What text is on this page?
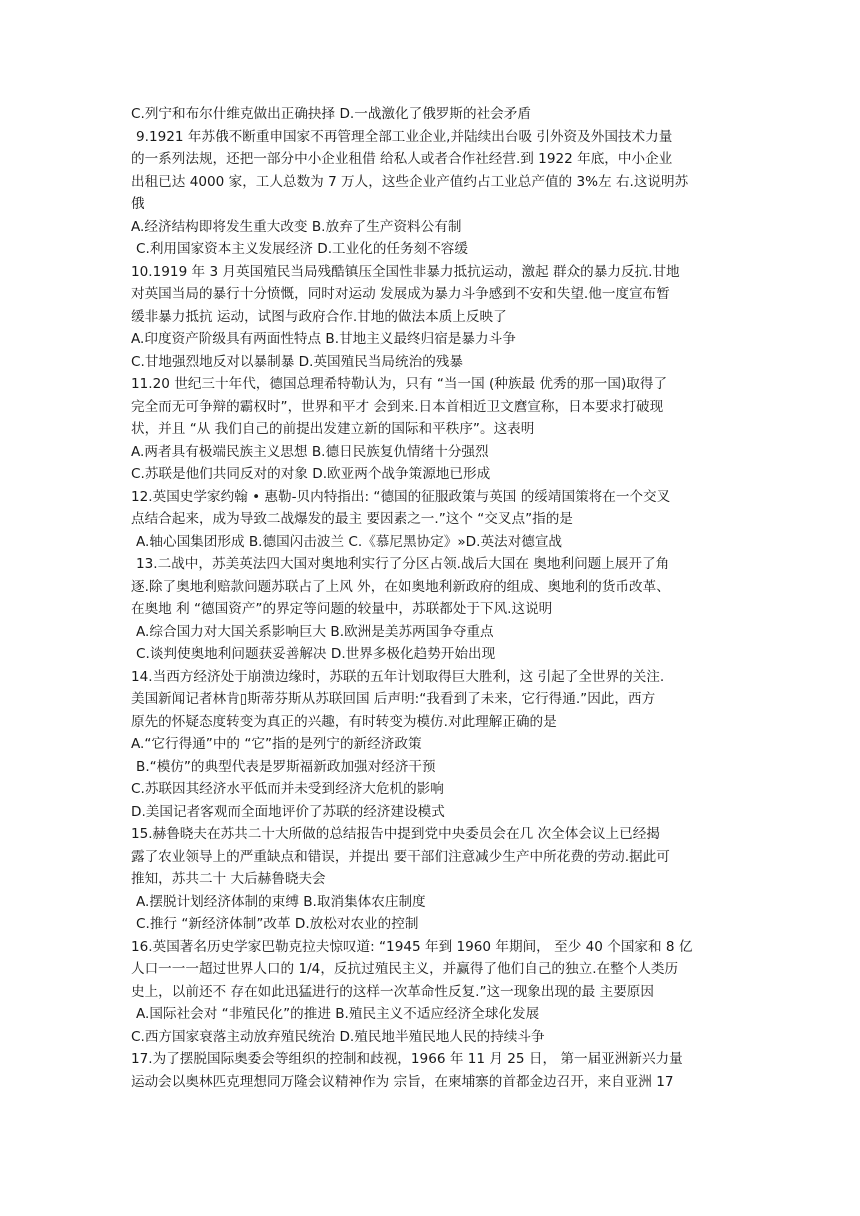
C.列宁和布尔什维克做出正确抉择 D.一战激化了俄罗斯的社会矛盾
9.1921 年苏俄不断重申国家不再管理全部工业企业,并陆续出台吸 引外资及外国技术力量
的一系列法规，还把一部分中小企业租借 给私人或者合作社经营.到 1922 年底，中小企业
出租已达 4000 家，工人总数为 7 万人，这些企业产值约占工业总产值的 3%左 右.这说明苏
俄
A.经济结构即将发生重大改变 B.放弃了生产资料公有制
C.利用国家资本主义发展经济 D.工业化的任务刻不容缓
10.1919 年 3 月英国殖民当局残酷镇压全国性非暴力抵抗运动，激起 群众的暴力反抗.甘地
对英国当局的暴行十分愤慨，同时对运动 发展成为暴力斗争感到不安和失望.他一度宣布暂
缓非暴力抵抗 运动，试图与政府合作.甘地的做法本质上反映了
A.印度资产阶级具有两面性特点 B.甘地主义最终归宿是暴力斗争
C.甘地强烈地反对以暴制暴 D.英国殖民当局统治的残暴
11.20 世纪三十年代，德国总理希特勒认为，只有 “当一国 (种族最 优秀的那一国)取得了
完全而无可争辩的霸权时”，世界和平才 会到来.日本首相近卫文麿宣称，日本要求打破现
状，并且 “从 我们自己的前提出发建立新的国际和平秩序”。这表明
A.两者具有极端民族主义思想 B.德日民族复仇情绪十分强烈
C.苏联是他们共同反对的对象 D.欧亚两个战争策源地已形成
12.英国史学家约翰 • 惠勒-贝内特指出: “德国的征服政策与英国 的绥靖国策将在一个交叉
点结合起来，成为导致二战爆发的最主 要因素之一.”这个 “交叉点”指的是
A.轴心国集团形成 B.德国闪击波兰 C.《慕尼黑协定》»D.英法对德宣战
13.二战中，苏美英法四大国对奥地利实行了分区占领.战后大国在 奥地利问题上展开了角
逐.除了奥地利赔款问题苏联占了上风 外，在如奥地利新政府的组成、奥地利的货币改革、
在奥地 利 “德国资产”的界定等问题的较量中，苏联都处于下风.这说明
A.综合国力对大国关系影响巨大 B.欧洲是美苏两国争夺重点
C.谈判使奥地利问题获妥善解决 D.世界多极化趋势开始出现
14.当西方经济处于崩溃边缘时，苏联的五年计划取得巨大胜利，这 引起了全世界的关注.
美国新闻记者林肯▯斯蒂芬斯从苏联回国 后声明:“我看到了未来，它行得通.”因此，西方
原先的怀疑态度转变为真正的兴趣，有时转变为模仿.对此理解正确的是
A.“它行得通”中的 “它”指的是列宁的新经济政策
B.“模仿”的典型代表是罗斯福新政加强对经济干预
C.苏联因其经济水平低而并未受到经济大危机的影响
D.美国记者客观而全面地评价了苏联的经济建设模式
15.赫鲁晓夫在苏共二十大所做的总结报告中提到党中央委员会在几 次全体会议上已经揭
露了农业领导上的严重缺点和错误，并提出 要干部们注意减少生产中所花费的劳动.据此可
推知，苏共二十 大后赫鲁晓夫会
A.摆脱计划经济体制的束缚 B.取消集体农庄制度
C.推行 “新经济体制”改革 D.放松对农业的控制
16.英国著名历史学家巴勒克拉夫惊叹道: “1945 年到 1960 年期间， 至少 40 个国家和 8 亿
人口一一一超过世界人口的 1/4，反抗过殖民主义，并赢得了他们自己的独立.在整个人类历
史上，以前还不 存在如此迅猛进行的这样一次革命性反复.”这一现象出现的最 主要原因
A.国际社会对 “非殖民化”的推进 B.殖民主义不适应经济全球化发展
C.西方国家衰落主动放弃殖民统治 D.殖民地半殖民地人民的持续斗争
17.为了摆脱国际奥委会等组织的控制和歧视，1966 年 11 月 25 日， 第一届亚洲新兴力量
运动会以奥林匹克理想同万隆会议精神作为 宗旨，在柬埔寨的首都金边召开，来自亚洲 17
